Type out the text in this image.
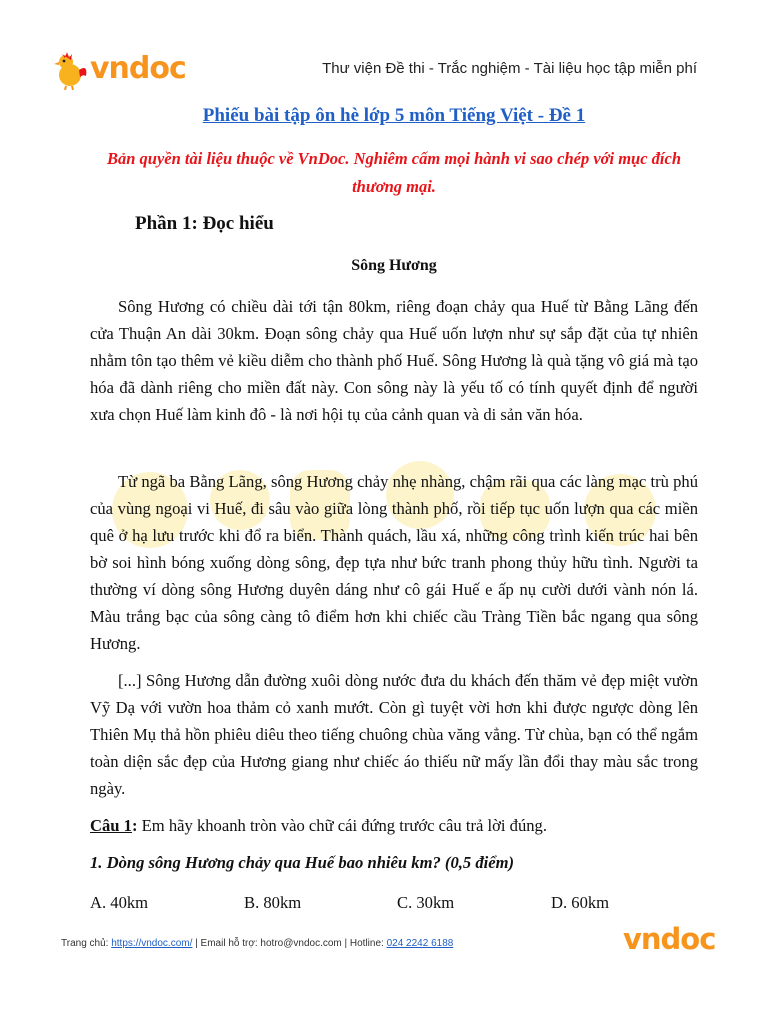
vndoc	Thư viện Đề thi - Trắc nghiệm - Tài liệu học tập miễn phí
Phiếu bài tập ôn hè lớp 5 môn Tiếng Việt - Đề 1
Bản quyền tài liệu thuộc về VnDoc. Nghiêm cấm mọi hành vi sao chép với mục đích thương mại.
Phần 1: Đọc hiểu
Sông Hương

Sông Hương có chiều dài tới tận 80km, riêng đoạn chảy qua Huế từ Bằng Lãng đến cửa Thuận An dài 30km. Đoạn sông chảy qua Huế uốn lượn như sự sắp đặt của tự nhiên nhằm tôn tạo thêm vẻ kiều diễm cho thành phố Huế. Sông Hương là quà tặng vô giá mà tạo hóa đã dành riêng cho miền đất này. Con sông này là yếu tố có tính quyết định để người xưa chọn Huế làm kinh đô - là nơi hội tụ của cảnh quan và di sản văn hóa.

Từ ngã ba Bằng Lãng, sông Hương chảy nhẹ nhàng, chậm rãi qua các làng mạc trù phú của vùng ngoại vi Huế, đi sâu vào giữa lòng thành phố, rồi tiếp tục uốn lượn qua các miền quê ở hạ lưu trước khi đổ ra biển. Thành quách, lầu xá, những công trình kiến trúc hai bên bờ soi hình bóng xuống dòng sông, đẹp tựa như bức tranh phong thủy hữu tình. Người ta thường ví dòng sông Hương duyên dáng như cô gái Huế e ấp nụ cười dưới vành nón lá. Màu trắng bạc của sông càng tô điểm hơn khi chiếc cầu Tràng Tiền bắc ngang qua sông Hương.

[...] Sông Hương dẫn đường xuôi dòng nước đưa du khách đến thăm vẻ đẹp miệt vườn Vỹ Dạ với vườn hoa thảm cỏ xanh mướt. Còn gì tuyệt vời hơn khi được ngược dòng lên Thiên Mụ thả hồn phiêu diêu theo tiếng chuông chùa văng vẳng. Từ chùa, bạn có thể ngắm toàn diện sắc đẹp của Hương giang như chiếc áo thiếu nữ mấy lần đổi thay màu sắc trong ngày.

Câu 1: Em hãy khoanh tròn vào chữ cái đứng trước câu trả lời đúng.
1. Dòng sông Hương chảy qua Huế bao nhiêu km? (0,5 điểm)
A. 40km	B. 80km	C. 30km	D. 60km
Trang chủ: https://vndoc.com/ | Email hỗ trợ: hotro@vndoc.com | Hotline: 024 2242 6188	vndoc
